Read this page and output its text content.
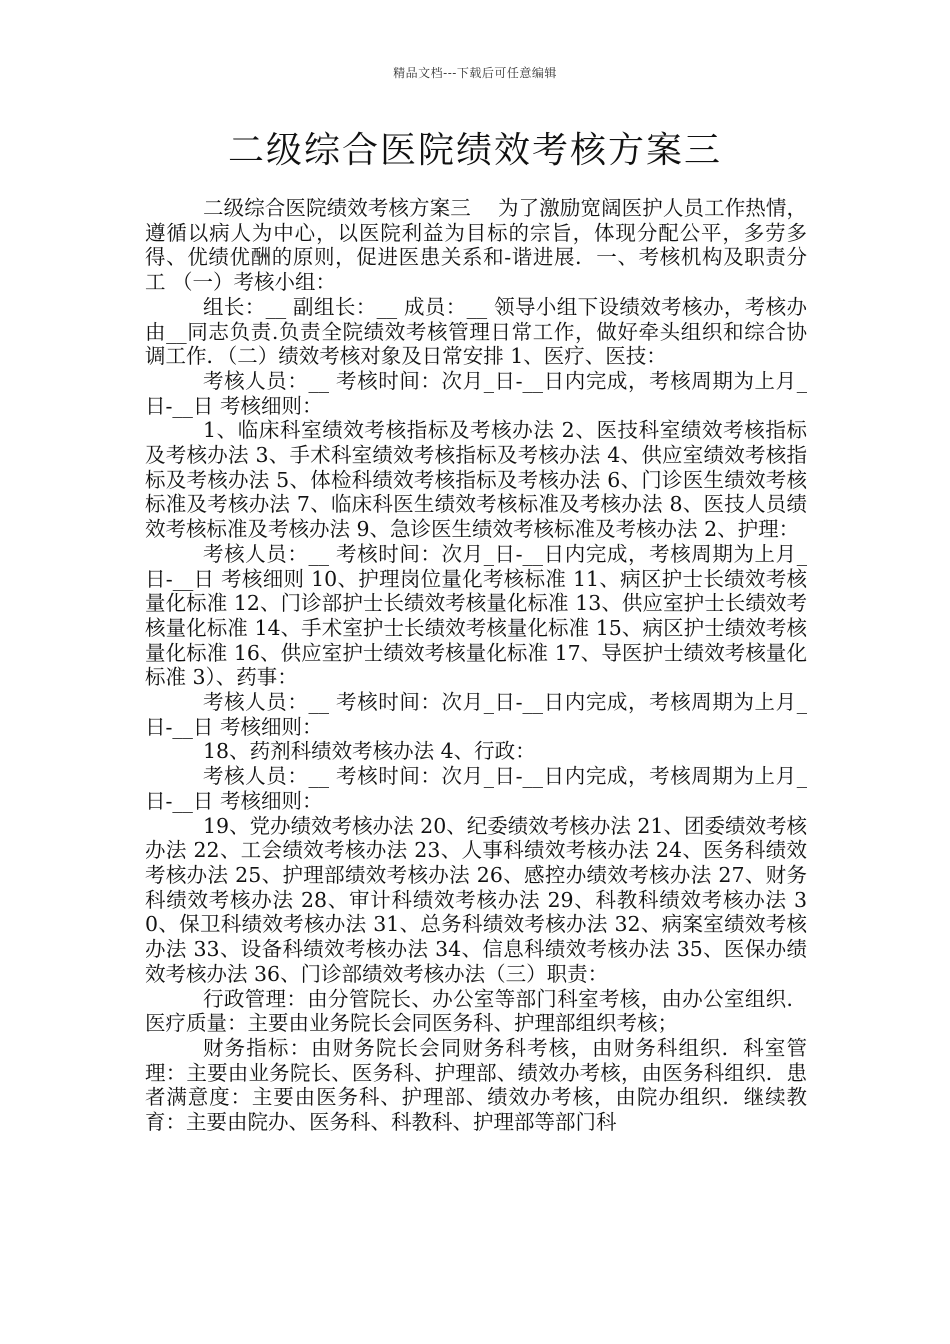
精品文档---下载后可任意编辑
二级综合医院绩效考核方案三

二级综合医院绩效考核方案三　 为了激励宽阔医护人员工作热情，遵循以病人为中心，以医院利益为目标的宗旨，体现分配公平，多劳多得、优绩优酬的原则，促进医患关系和-谐进展．一、考核机构及职责分工 （一）考核小组：

组长：__ 副组长：__ 成员：__ 领导小组下设绩效考核办，考核办由__同志负责.负责全院绩效考核管理日常工作，做好牵头组织和综合协调工作．（二）绩效考核对象及日常安排 1、医疗、医技：

考核人员：__ 考核时间：次月_日-__日内完成，考核周期为上月_日-__日 考核细则：

1、临床科室绩效考核指标及考核办法 2、医技科室绩效考核指标及考核办法 3、手术科室绩效考核指标及考核办法 4、供应室绩效考核指标及考核办法 5、体检科绩效考核指标及考核办法 6、门诊医生绩效考核标准及考核办法 7、临床科医生绩效考核标准及考核办法 8、医技人员绩效考核标准及考核办法 9、急诊医生绩效考核标准及考核办法 2、护理：

考核人员：__ 考核时间：次月_日-__日内完成，考核周期为上月_日-__日 考核细则 10、护理岗位量化考核标准 11、病区护士长绩效考核量化标准 12、门诊部护士长绩效考核量化标准 13、供应室护士长绩效考核量化标准 14、手术室护士长绩效考核量化标准 15、病区护士绩效考核量化标准 16、供应室护士绩效考核量化标准 17、导医护士绩效考核量化标准 3）、药事：

考核人员：__ 考核时间：次月_日-__日内完成，考核周期为上月_日-__日 考核细则：

18、药剂科绩效考核办法 4、行政：

考核人员：__ 考核时间：次月_日-__日内完成，考核周期为上月_日-__日 考核细则：

19、党办绩效考核办法 20、纪委绩效考核办法 21、团委绩效考核办法 22、工会绩效考核办法 23、人事科绩效考核办法 24、医务科绩效考核办法 25、护理部绩效考核办法 26、感控办绩效考核办法 27、财务科绩效考核办法 28、审计科绩效考核办法 29、科教科绩效考核办法 30、保卫科绩效考核办法 31、总务科绩效考核办法 32、病案室绩效考核办法 33、设备科绩效考核办法 34、信息科绩效考核办法 35、医保办绩效考核办法 36、门诊部绩效考核办法（三）职责：

行政管理：由分管院长、办公室等部门科室考核，由办公室组织．医疗质量：主要由业务院长会同医务科、护理部组织考核；

财务指标：由财务院长会同财务科考核，由财务科组织．科室管理：主要由业务院长、医务科、护理部、绩效办考核，由医务科组织．患者满意度：主要由医务科、护理部、绩效办考核，由院办组织．继续教育：主要由院办、医务科、科教科、护理部等部门科
